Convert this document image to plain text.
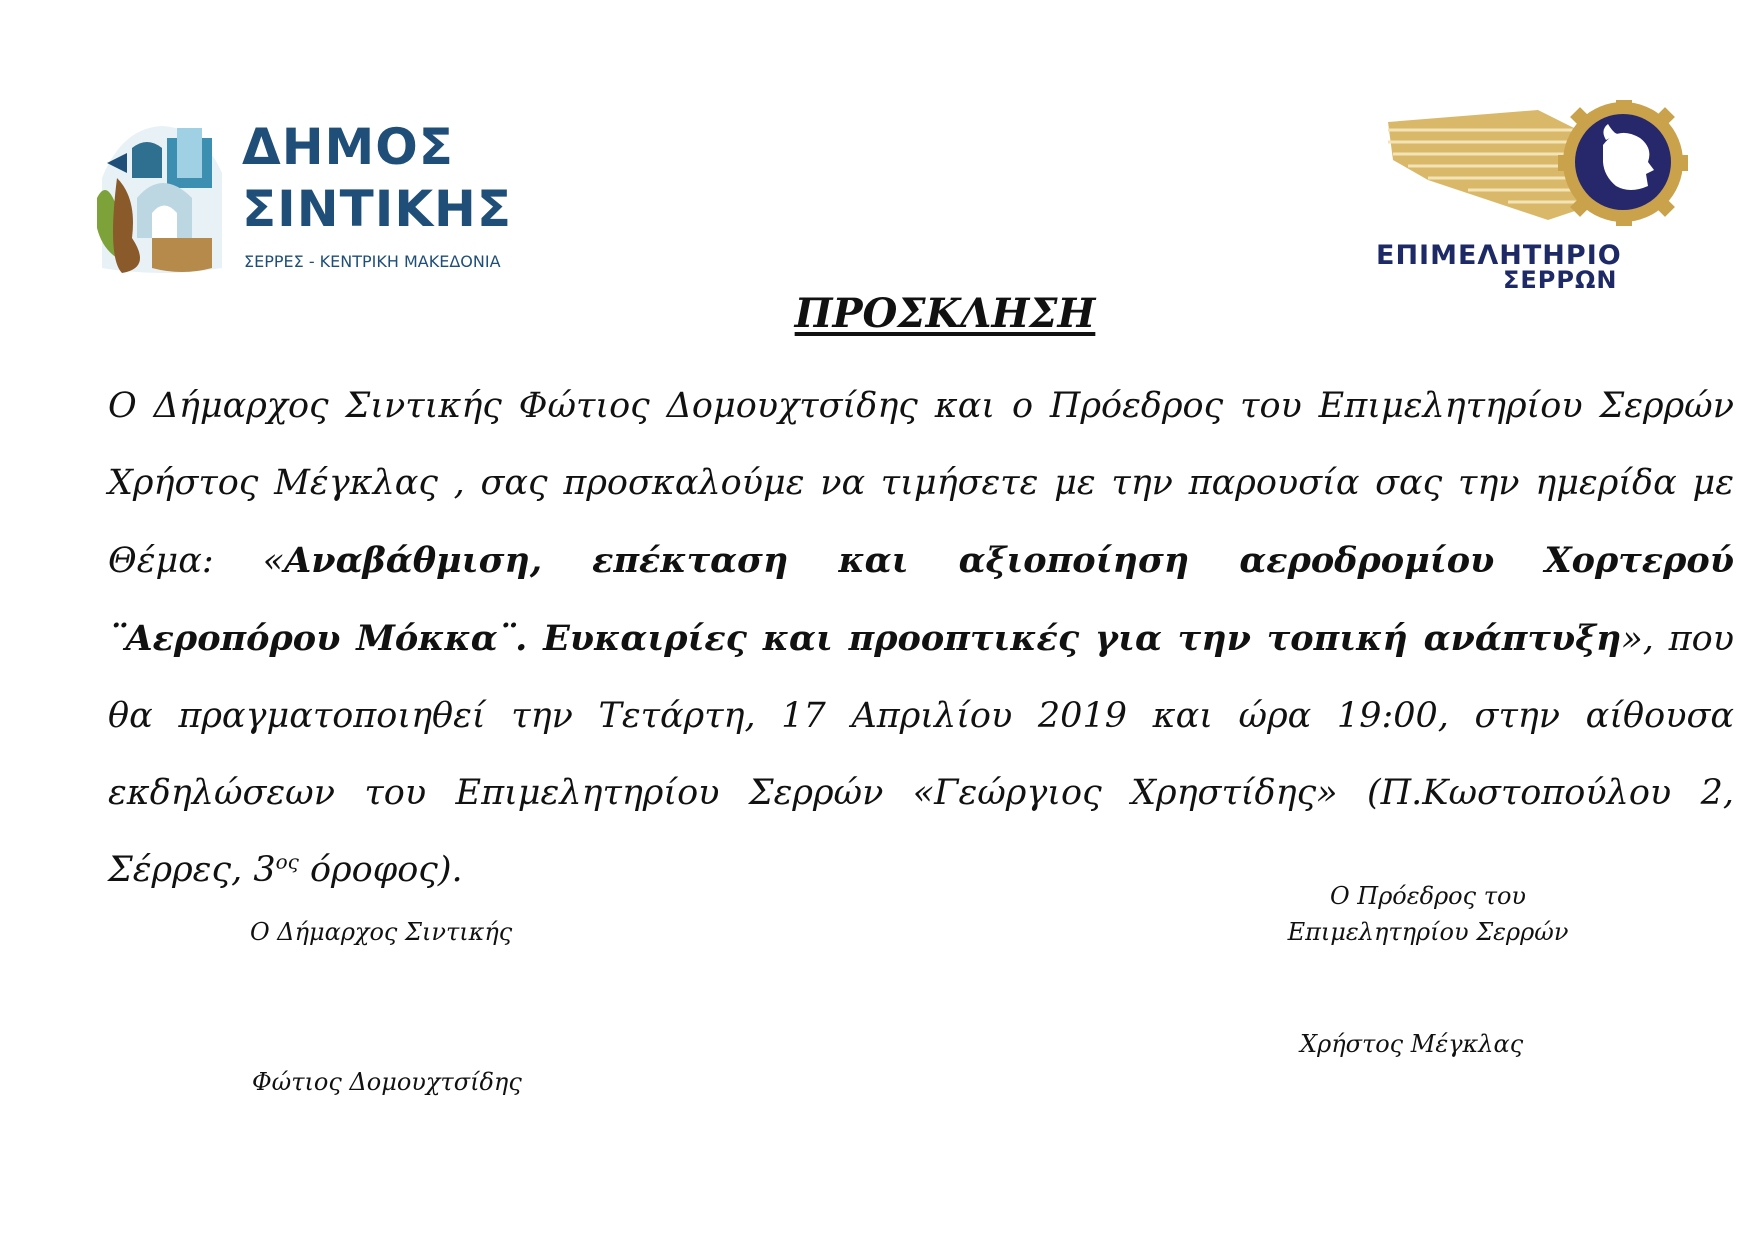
ΔΗΜΟΣ
ΣΙΝΤΙΚΗΣ
ΣΕΡΡΕΣ - ΚΕΝΤΡΙΚΗ ΜΑΚΕΔΟΝΙΑ	ΕΠΙΜΕΛΗΤΗΡΙΟ
ΣΕΡΡΩΝ
ΠΡΟΣΚΛΗΣΗ
Ο Δήμαρχος Σιντικής Φώτιος Δομουχτσίδης και ο Πρόεδρος του Επιμελητηρίου Σερρών Χρήστος Μέγκλας , σας προσκαλούμε να τιμήσετε με την παρουσία σας την ημερίδα με Θέμα: «Αναβάθμιση, επέκταση και αξιοποίηση αεροδρομίου Χορτερού ¨Αεροπόρου Μόκκα¨. Ευκαιρίες και προοπτικές για την τοπική ανάπτυξη», που θα πραγματοποιηθεί την Τετάρτη, 17 Απριλίου 2019 και ώρα 19:00, στην αίθουσα εκδηλώσεων του Επιμελητηρίου Σερρών «Γεώργιος Χρηστίδης» (Π.Κωστοπούλου 2, Σέρρες, $3^{o\varsigma}$ όροφος).
Ο Δήμαρχος Σιντικής
Φώτιος Δομουχτσίδης
Ο Πρόεδρος του
Επιμελητηρίου Σερρών
Χρήστος Μέγκλας
